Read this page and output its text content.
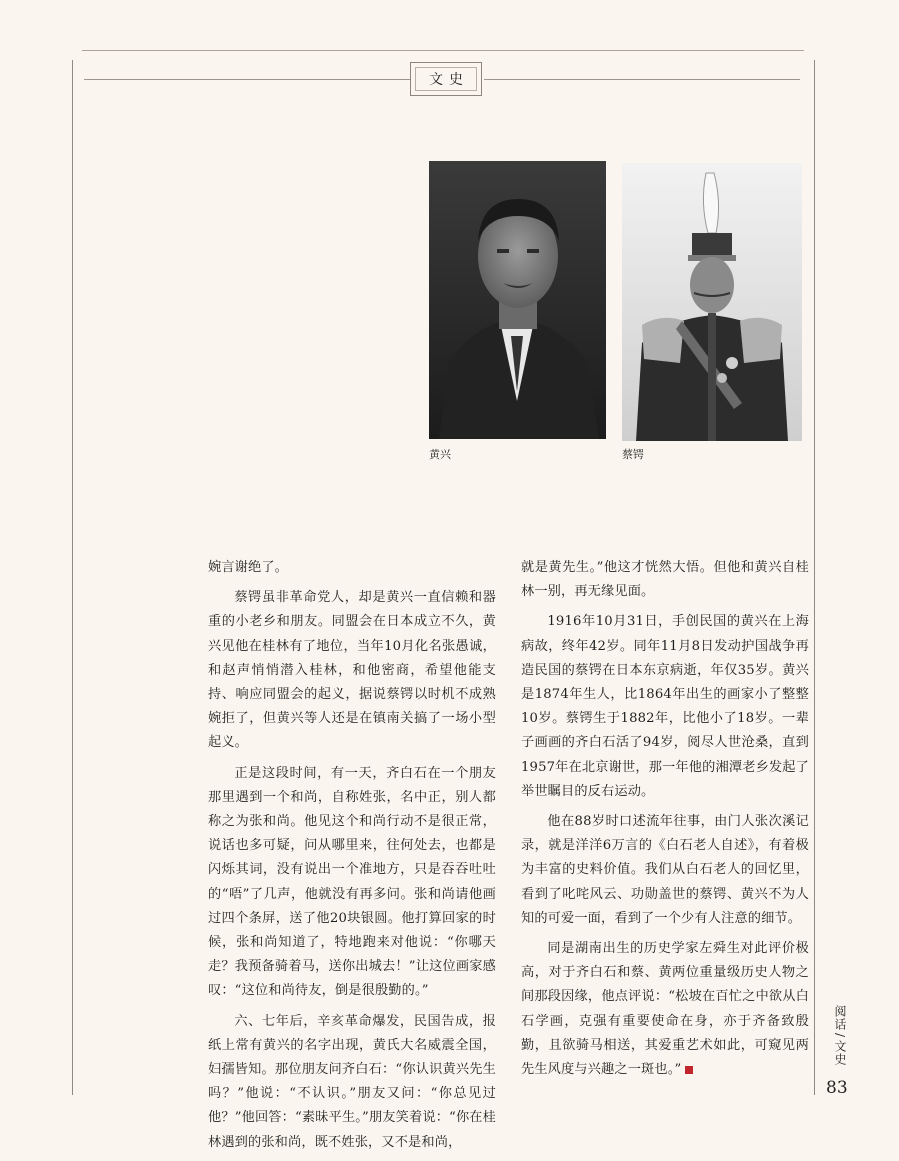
文史
黄兴	蔡锷

婉言谢绝了。

蔡锷虽非革命党人，却是黄兴一直信赖和器重的小老乡和朋友。同盟会在日本成立不久，黄兴见他在桂林有了地位，当年10月化名张愚诚，和赵声悄悄潜入桂林，和他密商，希望他能支持、响应同盟会的起义，据说蔡锷以时机不成熟婉拒了，但黄兴等人还是在镇南关搞了一场小型起义。

正是这段时间，有一天，齐白石在一个朋友那里遇到一个和尚，自称姓张，名中正，别人都称之为张和尚。他见这个和尚行动不是很正常，说话也多可疑，问从哪里来，往何处去，也都是闪烁其词，没有说出一个准地方，只是吞吞吐吐的“唔”了几声，他就没有再多问。张和尚请他画过四个条屏，送了他20块银圆。他打算回家的时候，张和尚知道了，特地跑来对他说：“你哪天走？我预备骑着马，送你出城去！”让这位画家感叹：“这位和尚待友，倒是很殷勤的。”

六、七年后，辛亥革命爆发，民国告成，报纸上常有黄兴的名字出现，黄氏大名威震全国，妇孺皆知。那位朋友问齐白石：“你认识黄兴先生吗？”他说：“不认识。”朋友又问：“你总见过他？”他回答：“素昧平生。”朋友笑着说：“你在桂林遇到的张和尚，既不姓张，又不是和尚，

就是黄先生。”他这才恍然大悟。但他和黄兴自桂林一别，再无缘见面。

1916年10月31日，手创民国的黄兴在上海病故，终年42岁。同年11月8日发动护国战争再造民国的蔡锷在日本东京病逝，年仅35岁。黄兴是1874年生人，比1864年出生的画家小了整整10岁。蔡锷生于1882年，比他小了18岁。一辈子画画的齐白石活了94岁，阅尽人世沧桑，直到1957年在北京谢世，那一年他的湘潭老乡发起了举世瞩目的反右运动。

他在88岁时口述流年往事，由门人张次溪记录，就是洋洋6万言的《白石老人自述》，有着极为丰富的史料价值。我们从白石老人的回忆里，看到了叱咤风云、功勋盖世的蔡锷、黄兴不为人知的可爱一面，看到了一个少有人注意的细节。

同是湖南出生的历史学家左舜生对此评价极高，对于齐白石和蔡、黄两位重量级历史人物之间那段因缘，他点评说：“松坡在百忙之中欲从白石学画，克强有重要使命在身，亦于齐备致殷勤，且欲骑马相送，其爱重艺术如此，可窥见两先生风度与兴趣之一斑也。”

阅话/文史
83
